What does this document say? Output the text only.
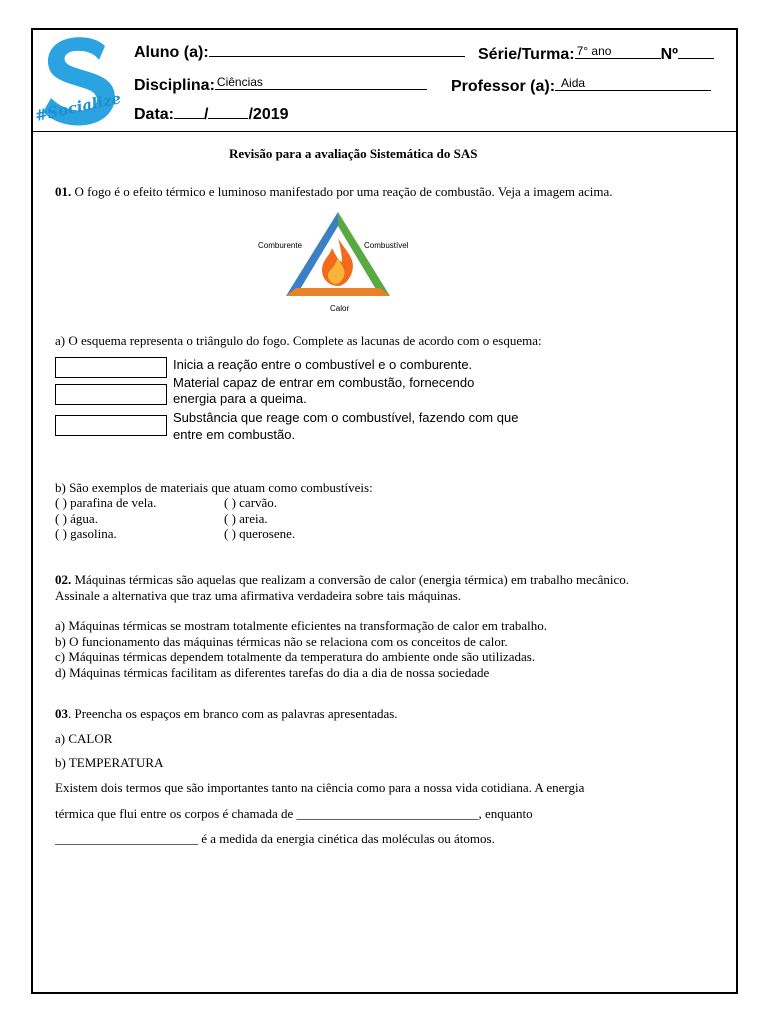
#Socialize
Aluno (a):	Série/Turma: 7° ano	Nº
Disciplina: Ciências	Professor (a): Aida
Data: /	/2019
Revisão para a avaliação Sistemática do SAS
01. O fogo é o efeito térmico e luminoso manifestado por uma reação de combustão. Veja a imagem acima.
Comburente	Combustível
Calor
a) O esquema representa o triângulo do fogo. Complete as lacunas de acordo com o esquema:
Inicia a reação entre o combustível e o comburente.
Material capaz de entrar em combustão, fornecendo
energia para a queima.
Substância que reage com o combustível, fazendo com que
entre em combustão.
b) São exemplos de materiais que atuam como combustíveis:
( ) parafina de vela.	( ) carvão.
( ) água.	( ) areia.
( ) gasolina.	( ) querosene.
02. Máquinas térmicas são aquelas que realizam a conversão de calor (energia térmica) em trabalho mecânico.
Assinale a alternativa que traz uma afirmativa verdadeira sobre tais máquinas.
a) Máquinas térmicas se mostram totalmente eficientes na transformação de calor em trabalho.
b) O funcionamento das máquinas térmicas não se relaciona com os conceitos de calor.
c) Máquinas térmicas dependem totalmente da temperatura do ambiente onde são utilizadas.
d) Máquinas térmicas facilitam as diferentes tarefas do dia a dia de nossa sociedade
03. Preencha os espaços em branco com as palavras apresentadas.
a) CALOR
b) TEMPERATURA
Existem dois termos que são importantes tanto na ciência como para a nossa vida cotidiana. A energia
térmica que flui entre os corpos é chamada de ____________________________, enquanto
______________________ é a medida da energia cinética das moléculas ou átomos.
